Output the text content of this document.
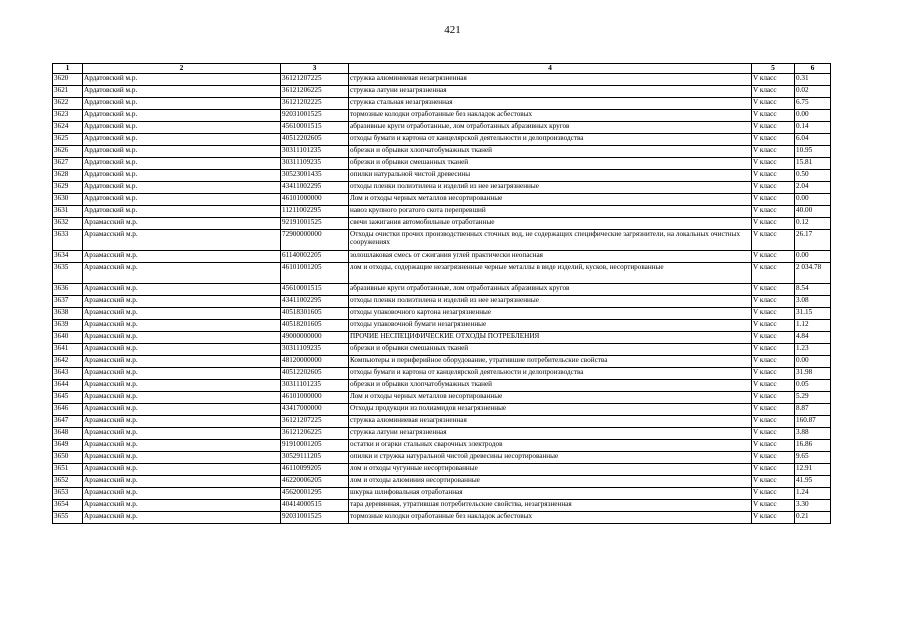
421
1	2	3	4	5	6
3620	Ардатовский м.р.	36121207225	стружка алюминиевая незагрязненная	V класс	0.31
3621	Ардатовский м.р.	36121206225	стружка латуни незагрязненная	V класс	0.02
3622	Ардатовский м.р.	36121202225	стружка стальная незагрязненная	V класс	6.75
3623	Ардатовский м.р.	92031001525	тормозные колодки отработанные без накладок асбестовых	V класс	0.00
3624	Ардатовский м.р.	45610001515	абразивные круги отработанные, лом отработанных абразивных кругов	V класс	0.14
3625	Ардатовский м.р.	40512202605	отходы бумаги и картона от канцелярской деятельности и делопроизводства	V класс	6.04
3626	Ардатовский м.р.	30311101235	обрезки и обрывки хлопчатобумажных тканей	V класс	10.95
3627	Ардатовский м.р.	30311109235	обрезки и обрывки смешанных тканей	V класс	15.81
3628	Ардатовский м.р.	30523001435	опилки натуральной чистой древесины	V класс	0.50
3629	Ардатовский м.р.	43411002295	отходы пленки полиэтилена и изделий из нее незагрязненные	V класс	2.04
3630	Ардатовский м.р.	46101000000	Лом и отходы черных металлов несортированные	V класс	0.00
3631	Ардатовский м.р.	11211002295	навоз крупного рогатого скота перепревший	V класс	40.00
3632	Арзамасский м.р.	92191001525	свечи зажигания автомобильные отработанные	V класс	0.12
3633	Арзамасский м.р.	72900000000	Отходы очистки прочих производственных сточных вод, не содержащих специфические загрязнители, на локальных очистных сооружениях	V класс	26.17
3634	Арзамасский м.р.	61140002205	золошлаковая смесь от сжигания углей практически неопасная	V класс	0.00
3635	Арзамасский м.р.	46101001205	лом и отходы, содержащие незагрязненные черные металлы в виде изделий, кусков, несортированные	V класс	2 034.78
3636	Арзамасский м.р.	45610001515	абразивные круги отработанные, лом отработанных абразивных кругов	V класс	8.54
3637	Арзамасский м.р.	43411002295	отходы пленки полиэтилена и изделий из нее незагрязненные	V класс	3.08
3638	Арзамасский м.р.	40518301605	отходы упаковочного картона незагрязненные	V класс	31.15
3639	Арзамасский м.р.	40518201605	отходы упаковочной бумаги незагрязненные	V класс	1.12
3640	Арзамасский м.р.	49000000000	ПРОЧИЕ НЕСПЕЦИФИЧЕСКИЕ ОТХОДЫ ПОТРЕБЛЕНИЯ	V класс	4.84
3641	Арзамасский м.р.	30311109235	обрезки и обрывки смешанных тканей	V класс	1.23
3642	Арзамасский м.р.	48120000000	Компьютеры и периферийное оборудование, утратившие потребительские свойства	V класс	0.00
3643	Арзамасский м.р.	40512202605	отходы бумаги и картона от канцелярской деятельности и делопроизводства	V класс	31.98
3644	Арзамасский м.р.	30311101235	обрезки и обрывки хлопчатобумажных тканей	V класс	0.05
3645	Арзамасский м.р.	46101000000	Лом и отходы черных металлов несортированные	V класс	5.29
3646	Арзамасский м.р.	43417000000	Отходы продукции из полиамидов незагрязненные	V класс	8.87
3647	Арзамасский м.р.	36121207225	стружка алюминиевая незагрязненная	V класс	160.87
3648	Арзамасский м.р.	36121206225	стружка латуни незагрязненная	V класс	3.88
3649	Арзамасский м.р.	91910001205	остатки и огарки стальных сварочных электродов	V класс	16.86
3650	Арзамасский м.р.	30529111205	опилки и стружка натуральной чистой древесины несортированные	V класс	9.65
3651	Арзамасский м.р.	46110099205	лом и отходы чугунные несортированные	V класс	12.91
3652	Арзамасский м.р.	46220006205	лом и отходы алюминия несортированные	V класс	41.95
3653	Арзамасский м.р.	45620001295	шкурка шлифовальная отработанная	V класс	1.24
3654	Арзамасский м.р.	40414000515	тара деревянная, утратившая потребительские свойства, незагрязненная	V класс	3.30
3655	Арзамасский м.р.	92031001525	тормозные колодки отработанные без накладок асбестовых	V класс	0.21
